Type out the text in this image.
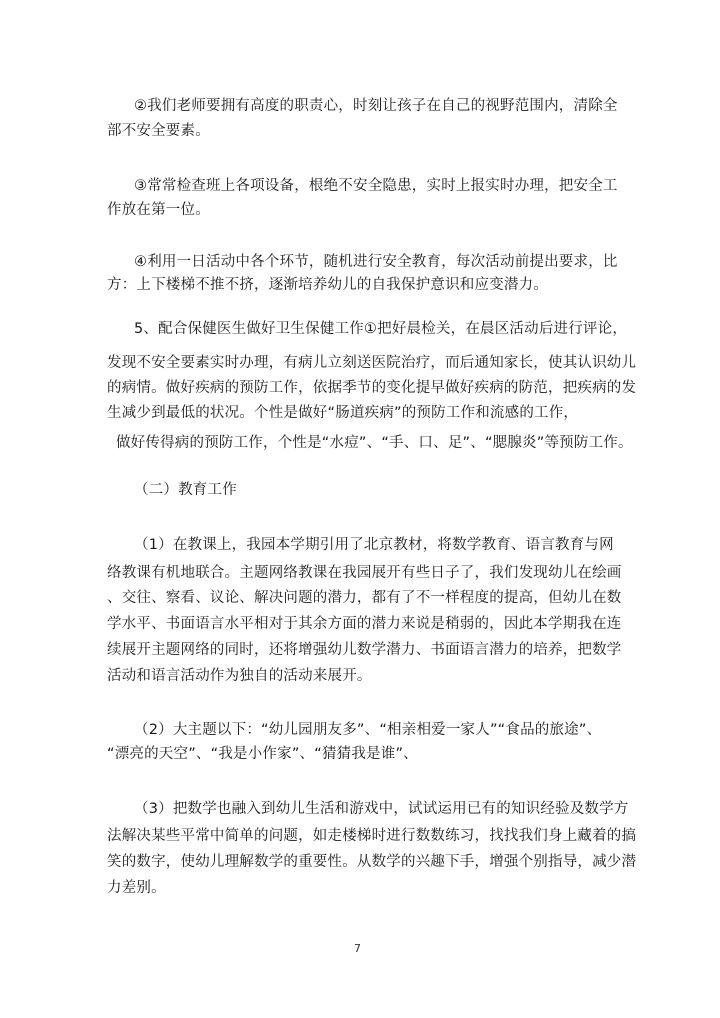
②我们老师要拥有高度的职责心，时刻让孩子在自己的视野范围内，清除全
部不安全要素。
③常常检查班上各项设备，根绝不安全隐患，实时上报实时办理，把安全工
作放在第一位。
④利用一日活动中各个环节，随机进行安全教育，每次活动前提出要求，比
方：上下楼梯不推不挤，逐渐培养幼儿的自我保护意识和应变潜力。
5、配合保健医生做好卫生保健工作①把好晨检关，在晨区活动后进行评论，
发现不安全要素实时办理，有病儿立刻送医院治疗，而后通知家长，使其认识幼儿
的病情。做好疾病的预防工作，依据季节的变化提早做好疾病的防范，把疾病的发
生减少到最低的状况。个性是做好“肠道疾病”的预防工作和流感的工作，
做好传得病的预防工作，个性是“水痘”、“手、口、足”、“腮腺炎”等预防工作。
（二）教育工作
（1）在教课上，我园本学期引用了北京教材，将数学教育、语言教育与网
络教课有机地联合。主题网络教课在我园展开有些日子了，我们发现幼儿在绘画
、交往、察看、议论、解决问题的潜力，都有了不一样程度的提高，但幼儿在数
学水平、书面语言水平相对于其余方面的潜力来说是稍弱的，因此本学期我在连
续展开主题网络的同时，还将增强幼儿数学潜力、书面语言潜力的培养，把数学
活动和语言活动作为独自的活动来展开。
（2）大主题以下：“幼儿园朋友多”、“相亲相爱一家人”“食品的旅途”、
“漂亮的天空”、“我是小作家”、“猜猜我是谁”、
（3）把数学也融入到幼儿生活和游戏中，试试运用已有的知识经验及数学方
法解决某些平常中简单的问题，如走楼梯时进行数数练习，找找我们身上藏着的搞
笑的数字，使幼儿理解数学的重要性。从数学的兴趣下手，增强个别指导，减少潜
力差别。
7
